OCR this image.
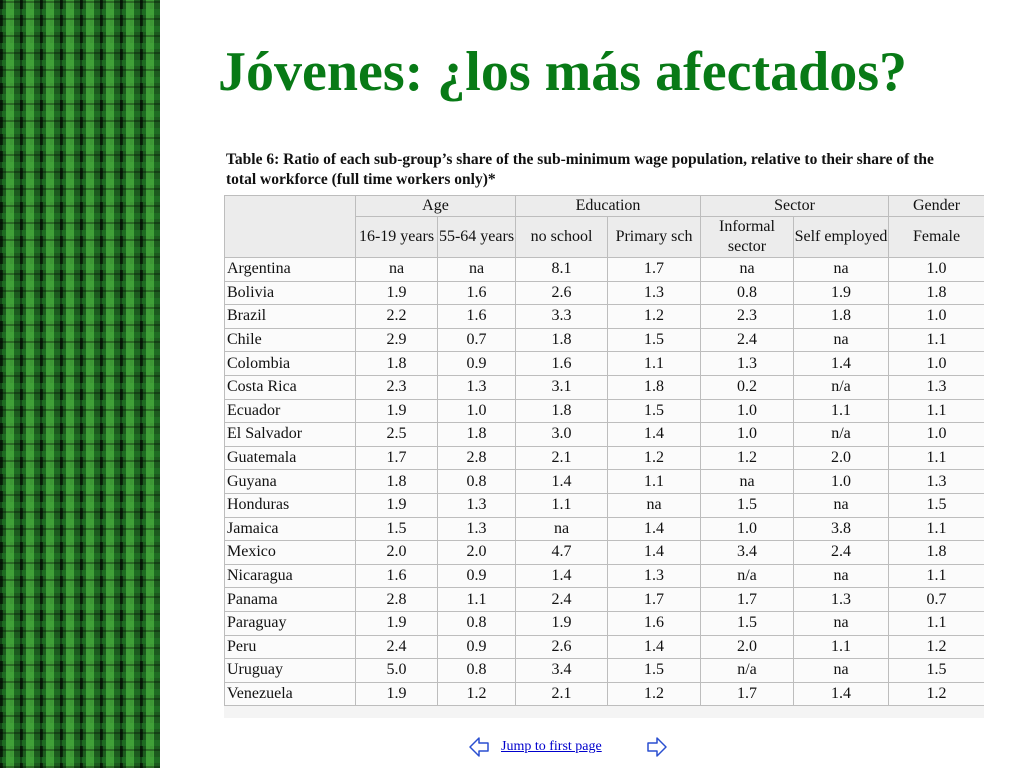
Jóvenes: ¿los más afectados?
Table 6: Ratio of each sub-group’s share of the sub-minimum wage population, relative to their share of the total workforce (full time workers only)*
	Age		Education		Sector		Gender
	16-19 years	55-64 years	no school	Primary sch	Informal sector	Self employed	Female
Argentina	na	na	8.1	1.7	na	na	1.0
Bolivia	1.9	1.6	2.6	1.3	0.8	1.9	1.8
Brazil	2.2	1.6	3.3	1.2	2.3	1.8	1.0
Chile	2.9	0.7	1.8	1.5	2.4	na	1.1
Colombia	1.8	0.9	1.6	1.1	1.3	1.4	1.0
Costa Rica	2.3	1.3	3.1	1.8	0.2	n/a	1.3
Ecuador	1.9	1.0	1.8	1.5	1.0	1.1	1.1
El Salvador	2.5	1.8	3.0	1.4	1.0	n/a	1.0
Guatemala	1.7	2.8	2.1	1.2	1.2	2.0	1.1
Guyana	1.8	0.8	1.4	1.1	na	1.0	1.3
Honduras	1.9	1.3	1.1	na	1.5	na	1.5
Jamaica	1.5	1.3	na	1.4	1.0	3.8	1.1
Mexico	2.0	2.0	4.7	1.4	3.4	2.4	1.8
Nicaragua	1.6	0.9	1.4	1.3	n/a	na	1.1
Panama	2.8	1.1	2.4	1.7	1.7	1.3	0.7
Paraguay	1.9	0.8	1.9	1.6	1.5	na	1.1
Peru	2.4	0.9	2.6	1.4	2.0	1.1	1.2
Uruguay	5.0	0.8	3.4	1.5	n/a	na	1.5
Venezuela	1.9	1.2	2.1	1.2	1.7	1.4	1.2
Jump to first page
